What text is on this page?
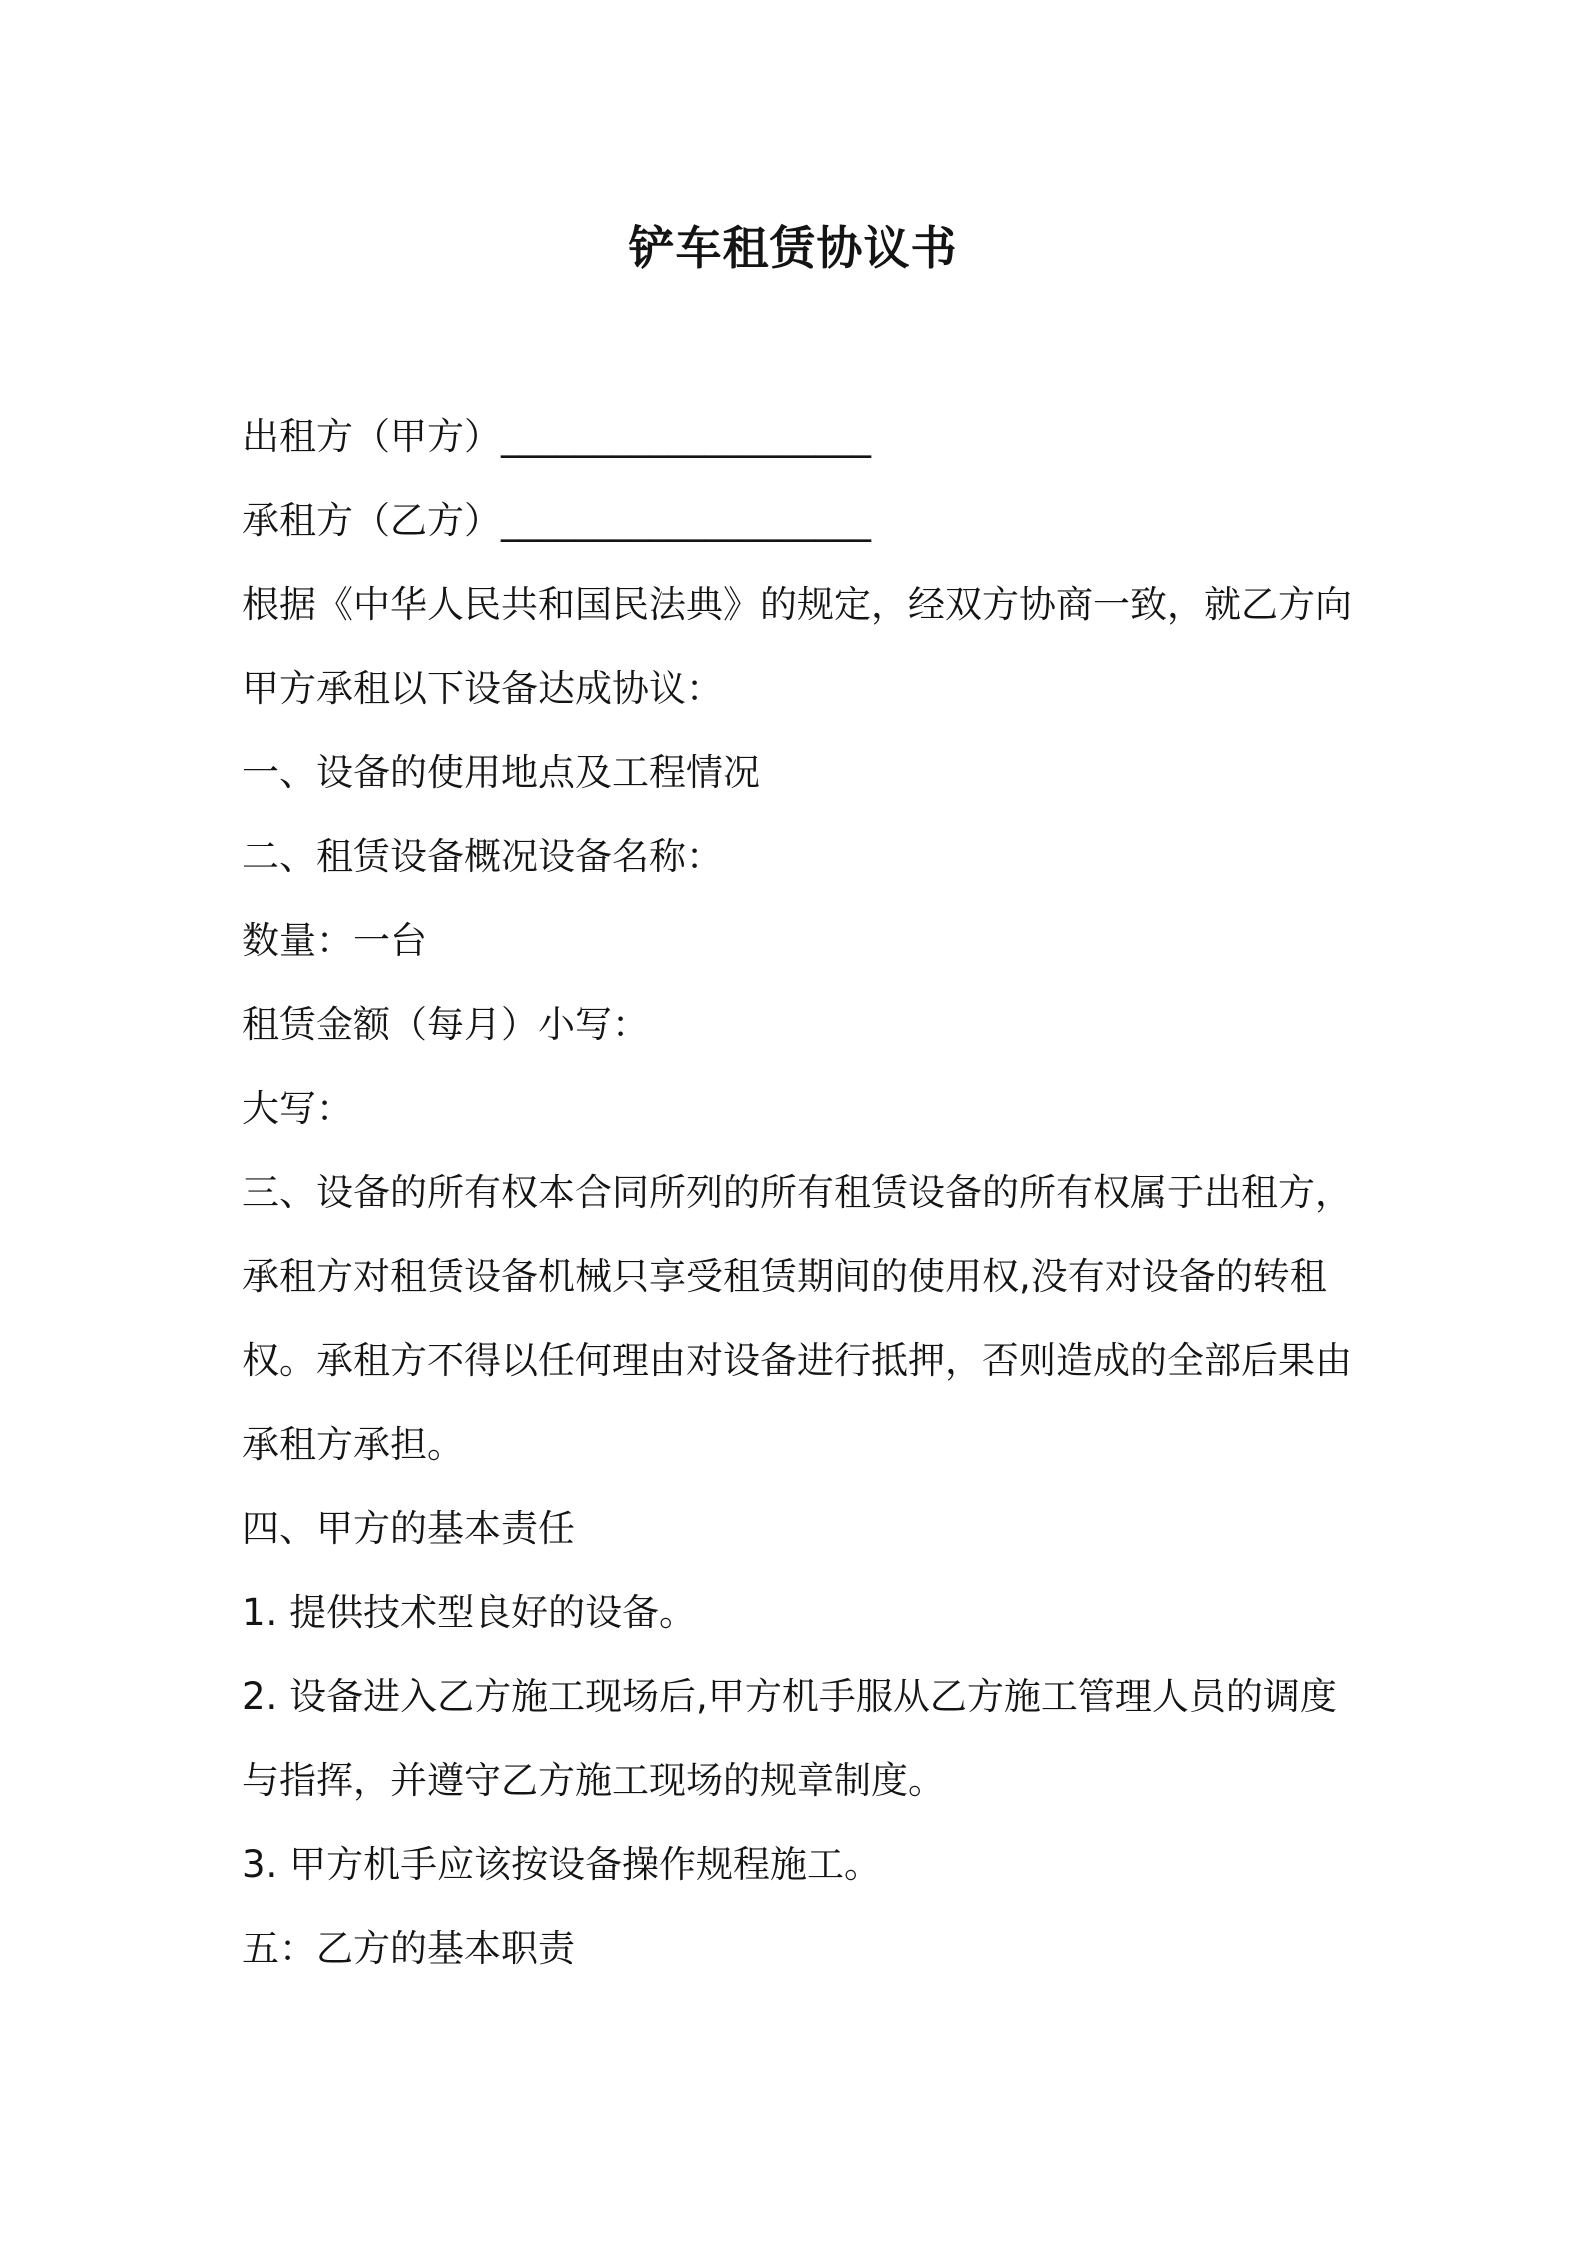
铲车租赁协议书
出租方（甲方）____________________
承租方（乙方）____________________
根据《中华人民共和国民法典》的规定，经双方协商一致，就乙方向
甲方承租以下设备达成协议：
一、设备的使用地点及工程情况
二、租赁设备概况设备名称：
数量：一台
租赁金额（每月）小写：
大写：
三、设备的所有权本合同所列的所有租赁设备的所有权属于出租方，
承租方对租赁设备机械只享受租赁期间的使用权,没有对设备的转租
权。承租方不得以任何理由对设备进行抵押，否则造成的全部后果由
承租方承担。
四、甲方的基本责任
1. 提供技术型良好的设备。
2. 设备进入乙方施工现场后,甲方机手服从乙方施工管理人员的调度
与指挥，并遵守乙方施工现场的规章制度。
3. 甲方机手应该按设备操作规程施工。
五：乙方的基本职责
